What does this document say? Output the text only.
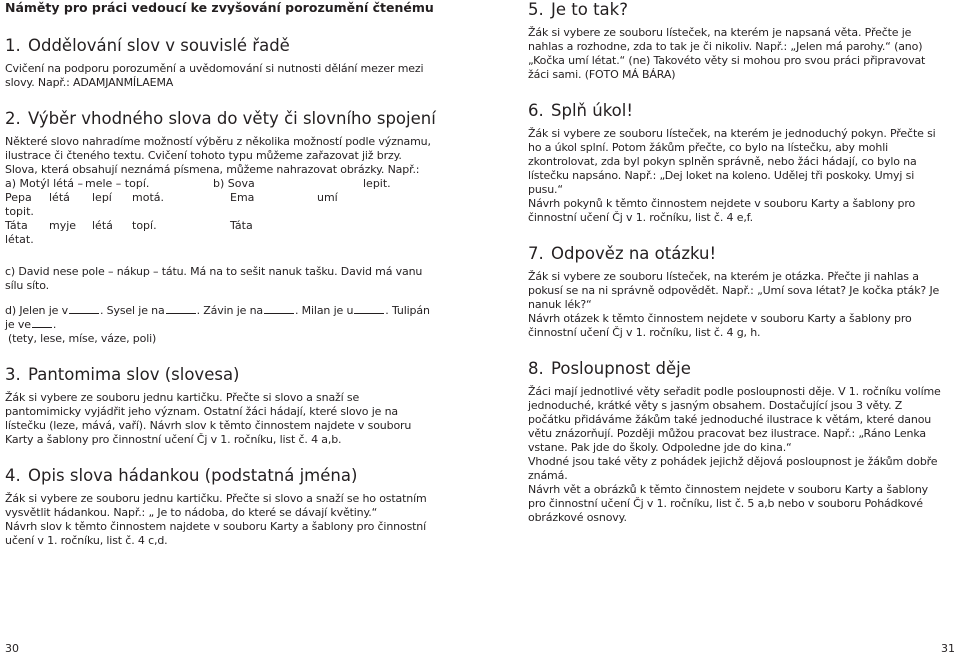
Náměty pro práci vedoucí ke zvyšování porozumění čtenému
1. Oddělování slov v souvislé řadě

Cvičení na podporu porozumění a uvědomování si nutnosti dělání mezer mezi slovy. Např.: ADAMJANMÍLAEMA

2. Výběr vhodného slova do věty či slovního spojení

Některé slovo nahradíme možností výběru z několika možností podle významu, ilustrace či čteného textu. Cvičení tohoto typu můžeme zařazovat již brzy. Slova, která obsahují neznámá písmena, můžeme nahrazovat obrázky. Např.:

a) Motýl létá –	mele – topí.	b) Sova	lepit.
Pepa	létá	lepí	motá.	Ema	umí
topit.
Táta	myje	létá	topí.	Táta
létat.

c) David nese pole – nákup – tátu. Má na to sešit nanuk tašku. David má vanu sílu síto.

d) Jelen je v	. Sysel je na	. Závin je na	. Milan je u	. Tulipán je ve .

(tety, lese, míse, váze, poli)

3. Pantomima slov (slovesa)

Žák si vybere ze souboru jednu kartičku. Přečte si slovo a snaží se pantomimicky vyjádřit jeho význam. Ostatní žáci hádají, které slovo je na lístečku (leze, mává, vaří). Návrh slov k těmto činnostem najdete v souboru Karty a šablony pro činnostní učení Čj v 1. ročníku, list č. 4 a,b.

4. Opis slova hádankou (podstatná jména)

Žák si vybere ze souboru jednu kartičku. Přečte si slovo a snaží se ho ostatním vysvětlit hádankou. Např.: „ Je to nádoba, do které se dávají květiny.“

Návrh slov k těmto činnostem najdete v souboru Karty a šablony pro činnostní učení v 1. ročníku, list č. 4 c,d.

30
5. Je to tak?

Žák si vybere ze souboru lísteček, na kterém je napsaná věta. Přečte je nahlas a rozhodne, zda to tak je či nikoliv. Např.: „Jelen má parohy.“ (ano) „Kočka umí létat.“ (ne) Takovéto věty si mohou pro svou práci připravovat žáci sami. (FOTO MÁ BÁRA)

6. Splň úkol!

Žák si vybere ze souboru lísteček, na kterém je jednoduchý pokyn. Přečte si ho a úkol splní. Potom žákům přečte, co bylo na lístečku, aby mohli zkontrolovat, zda byl pokyn splněn správně, nebo žáci hádají, co bylo na lístečku napsáno. Např.: „Dej loket na koleno. Udělej tři poskoky. Umyj si pusu.“

Návrh pokynů k těmto činnostem nejdete v souboru Karty a šablony pro činnostní učení Čj v 1. ročníku, list č. 4 e,f.

7. Odpověz na otázku!

Žák si vybere ze souboru lísteček, na kterém je otázka. Přečte ji nahlas a pokusí se na ni správně odpovědět. Např.: „Umí sova létat? Je kočka pták? Je nanuk lék?“

Návrh otázek k těmto činnostem nejdete v souboru Karty a šablony pro činnostní učení Čj v 1. ročníku, list č. 4 g, h.

8. Posloupnost děje

Žáci mají jednotlivé věty seřadit podle posloupnosti děje. V 1. ročníku volíme jednoduché, krátké věty s jasným obsahem. Dostačující jsou 3 věty. Z počátku přidáváme žákům také jednoduché ilustrace k větám, které danou větu znázorňují. Později můžou pracovat bez ilustrace. Např.: „Ráno Lenka vstane. Pak jde do školy. Odpoledne jde do kina.“

Vhodné jsou také věty z pohádek jejichž dějová posloupnost je žákům dobře známá.

Návrh vět a obrázků k těmto činnostem nejdete v souboru Karty a šablony pro činnostní učení Čj v 1. ročníku, list č. 5 a,b nebo v souboru Pohádkové obrázkové osnovy.

31
